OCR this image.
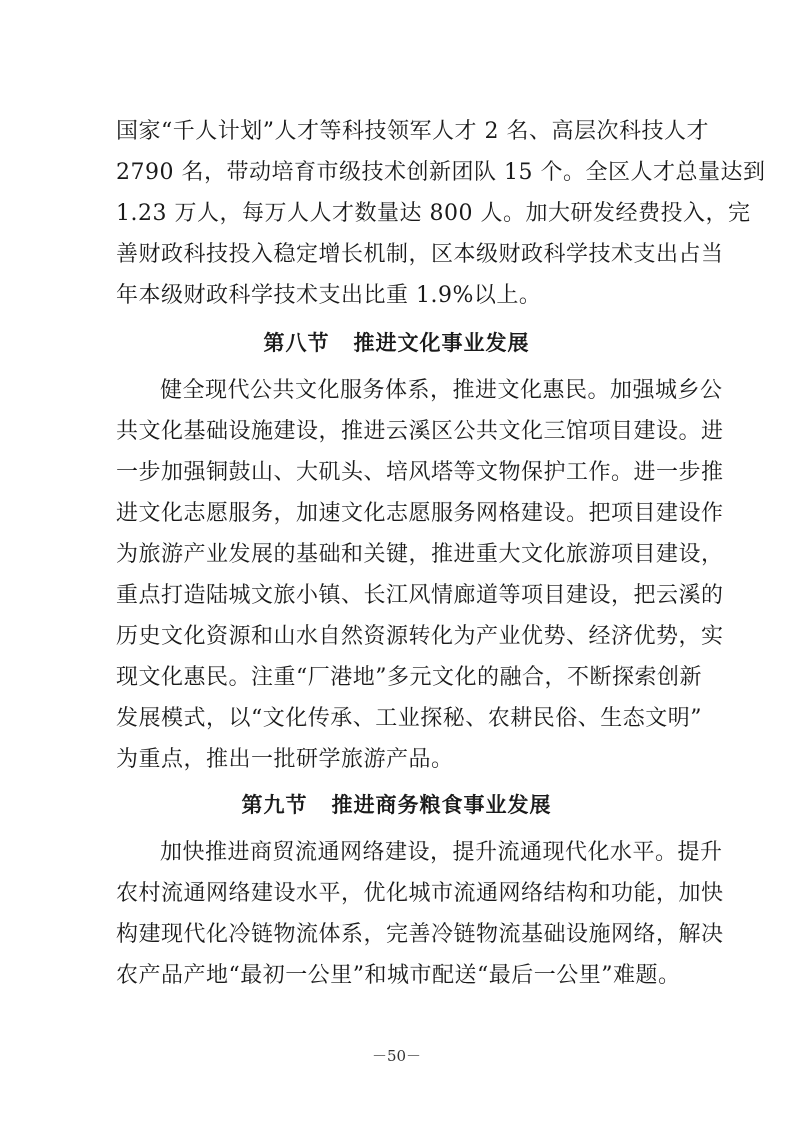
国家“千人计划”人才等科技领军人才 2 名、高层次科技人才
2790 名，带动培育市级技术创新团队 15 个。全区人才总量达到
1.23 万人，每万人人才数量达 800 人。加大研发经费投入，完
善财政科技投入稳定增长机制，区本级财政科学技术支出占当
年本级财政科学技术支出比重 1.9%以上。
第八节 推进文化事业发展
健全现代公共文化服务体系，推进文化惠民。加强城乡公
共文化基础设施建设，推进云溪区公共文化三馆项目建设。进
一步加强铜鼓山、大矶头、培风塔等文物保护工作。进一步推
进文化志愿服务，加速文化志愿服务网格建设。把项目建设作
为旅游产业发展的基础和关键，推进重大文化旅游项目建设，
重点打造陆城文旅小镇、长江风情廊道等项目建设，把云溪的
历史文化资源和山水自然资源转化为产业优势、经济优势，实
现文化惠民。注重“厂港地”多元文化的融合，不断探索创新
发展模式，以“文化传承、工业探秘、农耕民俗、生态文明”
为重点，推出一批研学旅游产品。
第九节 推进商务粮食事业发展
加快推进商贸流通网络建设，提升流通现代化水平。提升
农村流通网络建设水平，优化城市流通网络结构和功能，加快
构建现代化冷链物流体系，完善冷链物流基础设施网络，解决
农产品产地“最初一公里”和城市配送“最后一公里”难题。
－50－
